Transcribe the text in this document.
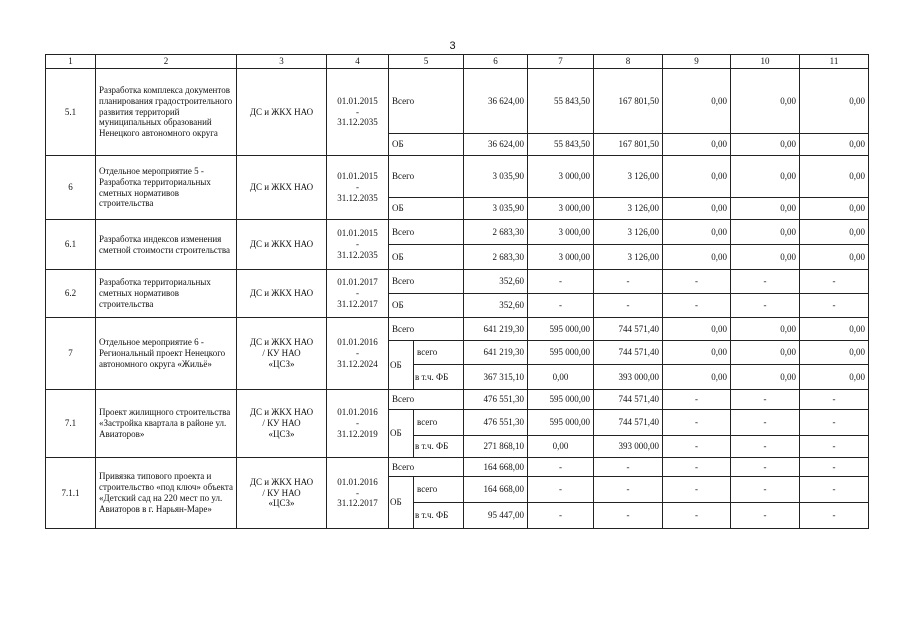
3
1	2	3	4	5		6	7	8	9	10	11
5.1	Разработка комплекса документов планирования градостроительного развития территорий муниципальных образований Ненецкого автономного округа	ДС и ЖКХ НАО	01.01.2015
-
31.12.2035	Всего		36 624,00	55 843,50	167 801,50	0,00	0,00	0,00
				ОБ		36 624,00	55 843,50	167 801,50	0,00	0,00	0,00
6	Отдельное мероприятие 5 - Разработка территориальных сметных нормативов строительства	ДС и ЖКХ НАО	01.01.2015
-
31.12.2035	Всего		3 035,90	3 000,00	3 126,00	0,00	0,00	0,00
				ОБ		3 035,90	3 000,00	3 126,00	0,00	0,00	0,00
6.1	Разработка индексов изменения сметной стоимости строительства	ДС и ЖКХ НАО	01.01.2015
-
31.12.2035	Всего		2 683,30	3 000,00	3 126,00	0,00	0,00	0,00
				ОБ		2 683,30	3 000,00	3 126,00	0,00	0,00	0,00
6.2	Разработка территориальных сметных нормативов строительства	ДС и ЖКХ НАО	01.01.2017
-
31.12.2017	Всего		352,60	-	-	-	-	-
				ОБ		352,60	-	-	-	-	-
7	Отдельное мероприятие 6 - Региональный проект Ненецкого автономного округа «Жильё»	ДС и ЖКХ НАО
/ КУ НАО
«ЦСЗ»	01.01.2016
-
31.12.2024	Всего		641 219,30	595 000,00	744 571,40	0,00	0,00	0,00
				ОБ	всего	641 219,30	595 000,00	744 571,40	0,00	0,00	0,00
					в т.ч. ФБ	367 315,10	0,00	393 000,00	0,00	0,00	0,00
7.1	Проект жилищного строительства «Застройка квартала в районе ул. Авиаторов»	ДС и ЖКХ НАО
/ КУ НАО
«ЦСЗ»	01.01.2016
-
31.12.2019	Всего		476 551,30	595 000,00	744 571,40	-	-	-
				ОБ	всего	476 551,30	595 000,00	744 571,40	-	-	-
					в т.ч. ФБ	271 868,10	0,00	393 000,00	-	-	-
7.1.1	Привязка типового проекта и строительство «под ключ» объекта «Детский сад на 220 мест по ул. Авиаторов в г. Нарьян-Маре»	ДС и ЖКХ НАО
/ КУ НАО
«ЦСЗ»	01.01.2016
-
31.12.2017	Всего		164 668,00	-	-	-	-	-
				ОБ	всего	164 668,00	-	-	-	-	-
					в т.ч. ФБ	95 447,00	-	-	-	-	-
